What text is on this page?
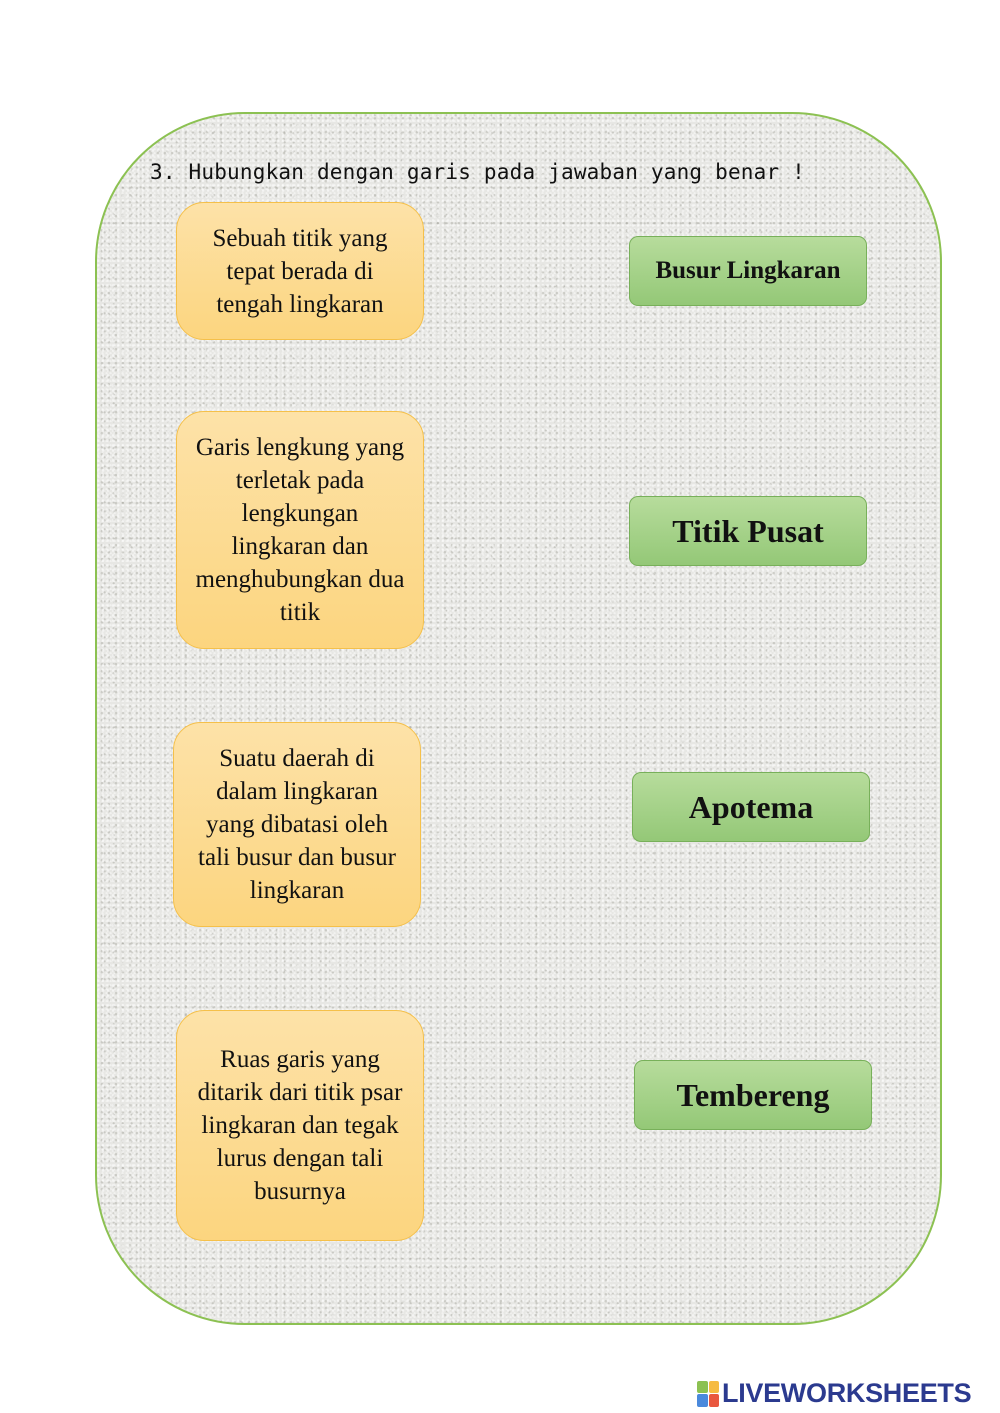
3. Hubungkan dengan garis pada jawaban yang benar !
Sebuah titik yang tepat berada di tengah lingkaran
Garis lengkung yang terletak pada lengkungan lingkaran dan menghubungkan dua titik
Suatu daerah di dalam lingkaran yang dibatasi oleh tali busur dan busur lingkaran
Ruas garis yang ditarik dari titik psar lingkaran dan tegak lurus dengan tali busurnya
Busur Lingkaran
Titik Pusat
Apotema
Tembereng
LIVEWORKSHEETS
